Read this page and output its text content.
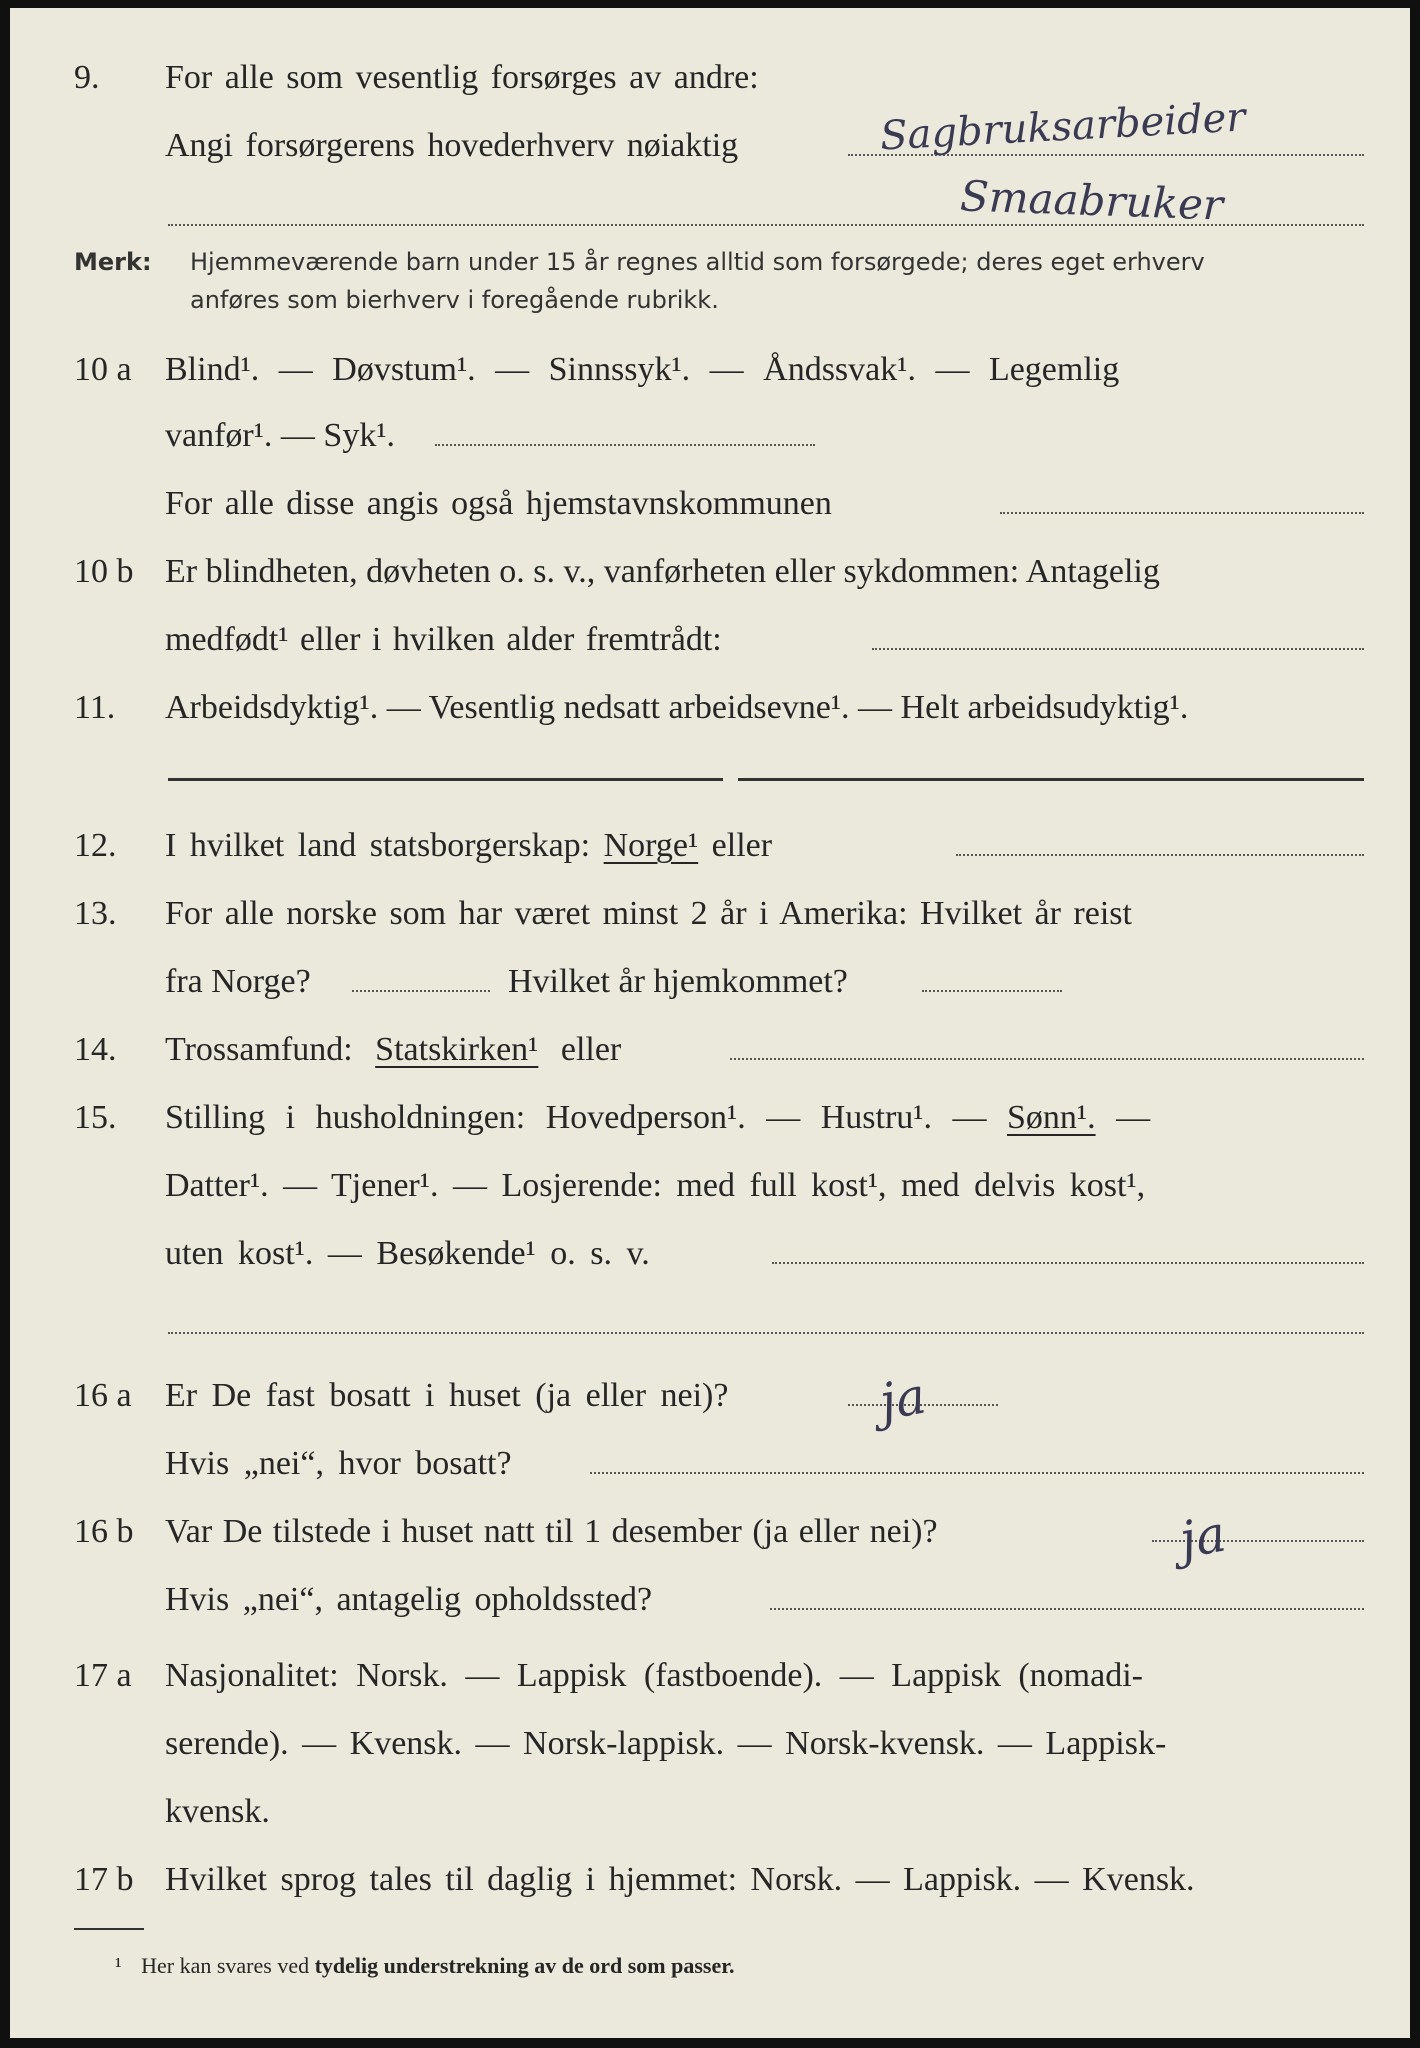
9. For alle som vesentlig forsørges av andre:
Angi forsørgerens hovederhverv nøiaktig	Sagbruksarbeider
Smaabruker
Merk: Hjemmeværende barn under 15 år regnes alltid som forsørgede; deres eget erhverv
anføres som bierhverv i foregående rubrikk.
10 a Blind¹. — Døvstum¹. — Sinnssyk¹. — Åndssvak¹. — Legemlig
vanfør¹. — Syk¹.
For alle disse angis også hjemstavnskommunen
10 b Er blindheten, døvheten o. s. v., vanførheten eller sykdommen: Antagelig
medfødt¹ eller i hvilken alder fremtrådt:
11. Arbeidsdyktig¹. — Vesentlig nedsatt arbeidsevne¹. — Helt arbeidsudyktig¹.
12. I hvilket land statsborgerskap: Norge¹ eller
13. For alle norske som har været minst 2 år i Amerika: Hvilket år reist
fra Norge?	Hvilket år hjemkommet?
14. Trossamfund: Statskirken¹ eller
15. Stilling i husholdningen: Hovedperson¹. — Hustru¹. — Sønn¹. —
Datter¹. — Tjener¹. — Losjerende: med full kost¹, med delvis kost¹,
uten kost¹. — Besøkende¹ o. s. v.
16 a Er De fast bosatt i huset (ja eller nei)?	ja
Hvis „nei“, hvor bosatt?
16 b Var De tilstede i huset natt til 1 desember (ja eller nei)?	ja
Hvis „nei“, antagelig opholdssted?
17 a Nasjonalitet: Norsk. — Lappisk (fastboende). — Lappisk (nomadi-
serende). — Kvensk. — Norsk-lappisk. — Norsk-kvensk. — Lappisk-
kvensk.
17 b Hvilket sprog tales til daglig i hjemmet: Norsk. — Lappisk. — Kvensk.
¹ Her kan svares ved tydelig understrekning av de ord som passer.
